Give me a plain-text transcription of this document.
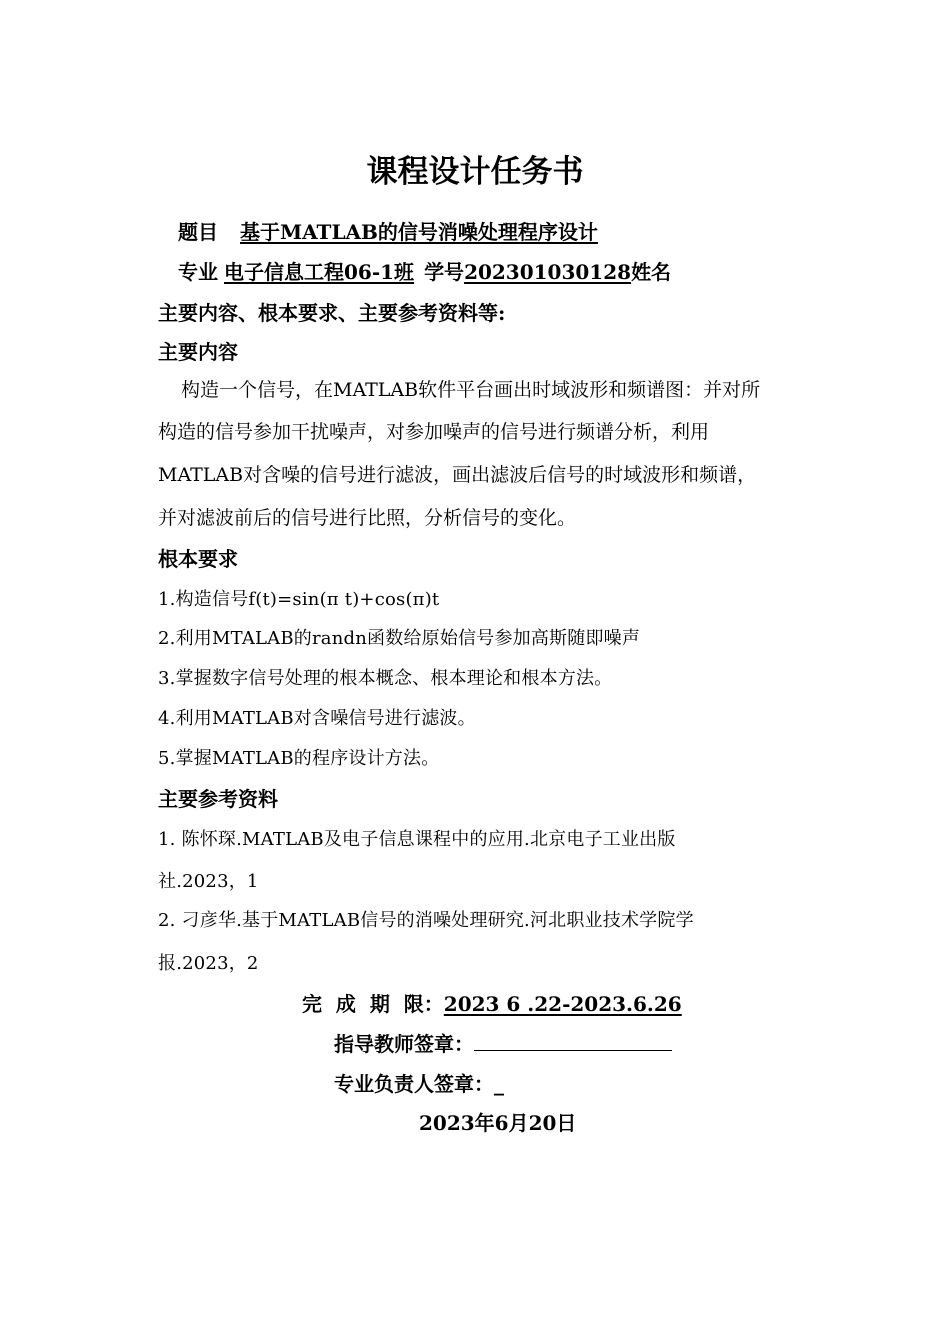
课程设计任务书
题目 基于MATLAB的信号消噪处理程序设计
专业 电子信息工程06-1班 学号202301030128姓名
主要内容、根本要求、主要参考资料等:
主要内容
构造一个信号，在MATLAB软件平台画出时域波形和频谱图：并对所
构造的信号参加干扰噪声，对参加噪声的信号进行频谱分析，利用
MATLAB对含噪的信号进行滤波，画出滤波后信号的时域波形和频谱，
并对滤波前后的信号进行比照，分析信号的变化。
根本要求
1.构造信号f(t)=sin(π t)+cos(π)t
2.利用MTALAB的randn函数给原始信号参加高斯随即噪声
3.掌握数字信号处理的根本概念、根本理论和根本方法。
4.利用MATLAB对含噪信号进行滤波。
5.掌握MATLAB的程序设计方法。
主要参考资料
1. 陈怀琛.MATLAB及电子信息课程中的应用.北京电子工业出版
社.2023，1
2. 刁彦华.基于MATLAB信号的消噪处理研究.河北职业技术学院学
报.2023，2
完  成  期  限：2023 6 .22-2023.6.26
指导教师签章：
专业负责人签章：_
2023年6月20日
